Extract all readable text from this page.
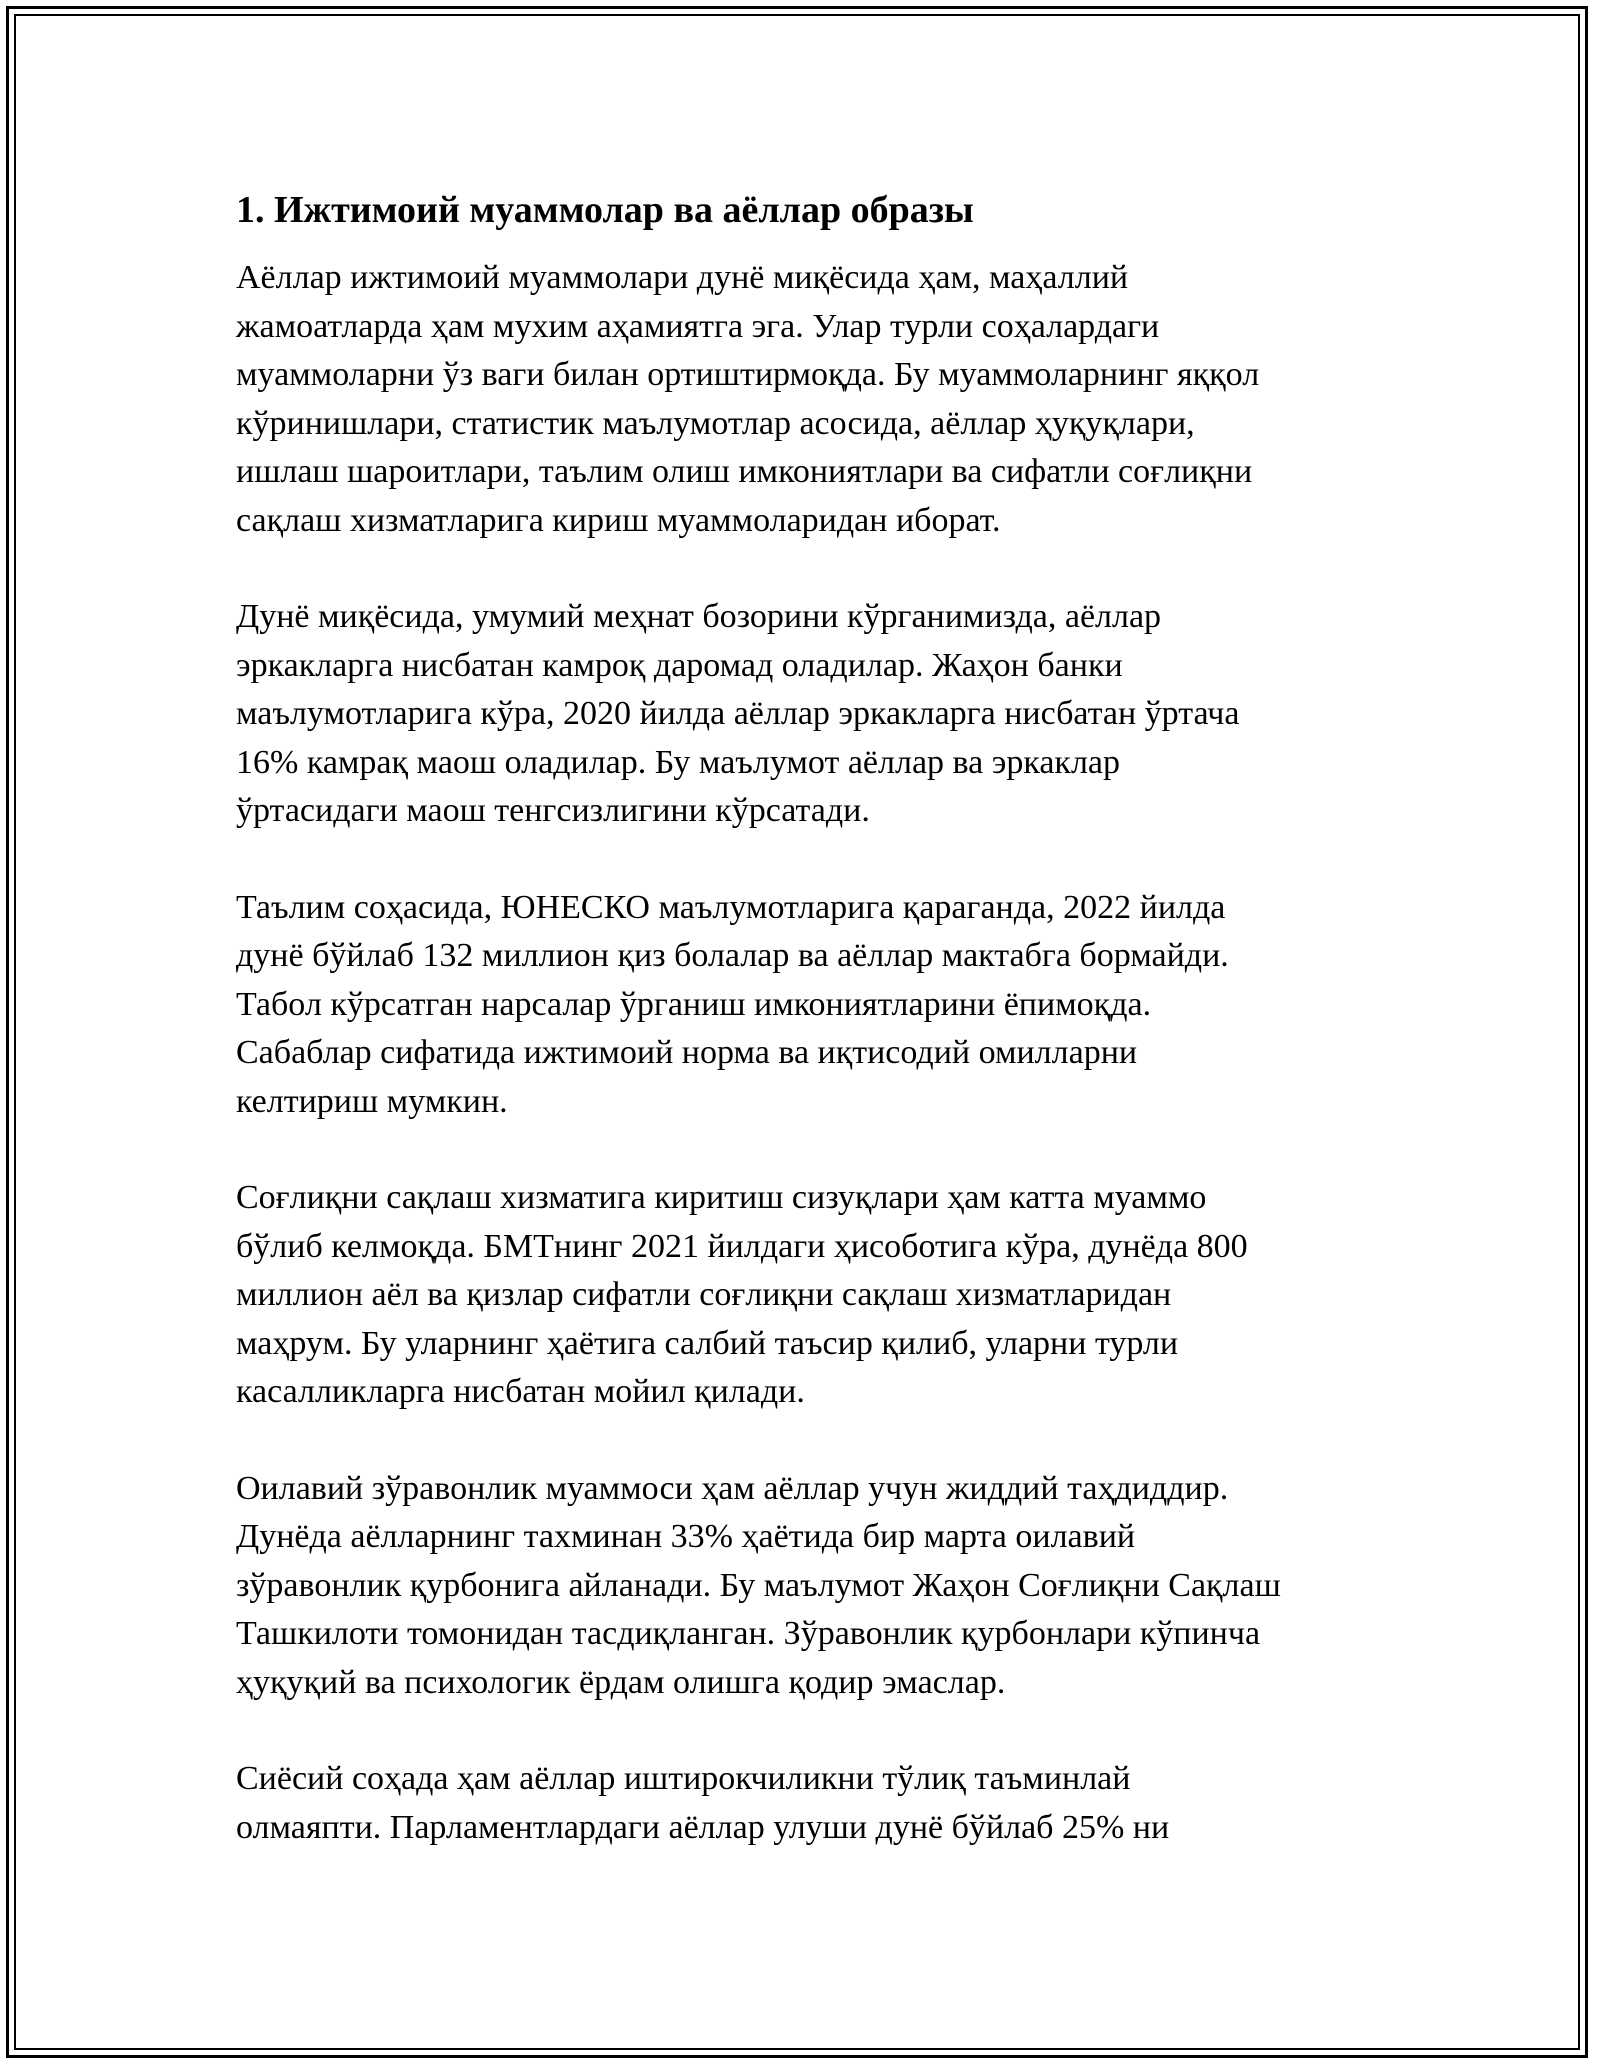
1. Ижтимоий муаммолар ва аёллар образы
Аёллар ижтимоий муаммолари дунё миқёсида ҳам, маҳаллий
жамоатларда ҳам мухим аҳамиятга эга. Улар турли соҳалардаги
муаммоларни ўз ваги билан ортиштирмоқда. Бу муаммоларнинг яққол
кўринишлари, статистик маълумотлар асосида, аёллар ҳуқуқлари,
ишлаш шароитлари, таълим олиш имкониятлари ва сифатли соғлиқни
сақлаш хизматларига кириш муаммоларидан иборат.
Дунё миқёсида, умумий меҳнат бозорини кўрганимизда, аёллар
эркакларга нисбатан камроқ даромад оладилар. Жаҳон банки
маълумотларига кўра, 2020 йилда аёллар эркакларга нисбатан ўртача
16% камрақ маош оладилар. Бу маълумот аёллар ва эркаклар
ўртасидаги маош тенгсизлигини кўрсатади.
Таълим соҳасида, ЮНЕСКО маълумотларига қараганда, 2022 йилда
дунё бўйлаб 132 миллион қиз болалар ва аёллар мактабга бормайди.
Табол кўрсатган нарсалар ўрганиш имкониятларини ёпимоқда.
Сабаблар сифатида ижтимоий норма ва иқтисодий омилларни
келтириш мумкин.
Соғлиқни сақлаш хизматига киритиш сизуқлари ҳам катта муаммо
бўлиб келмоқда. БМТнинг 2021 йилдаги ҳисоботига кўра, дунёда 800
миллион аёл ва қизлар сифатли соғлиқни сақлаш хизматларидан
маҳрум. Бу уларнинг ҳаётига салбий таъсир қилиб, уларни турли
касалликларга нисбатан мойил қилади.
Оилавий зўравонлик муаммоси ҳам аёллар учун жиддий таҳдиддир.
Дунёда аёлларнинг тахминан 33% ҳаётида бир марта оилавий
зўравонлик қурбонига айланади. Бу маълумот Жаҳон Соғлиқни Сақлаш
Ташкилоти томонидан тасдиқланган. Зўравонлик қурбонлари кўпинча
ҳуқуқий ва психологик ёрдам олишга қодир эмаслар.
Сиёсий соҳада ҳам аёллар иштирокчиликни тўлиқ таъминлай
олмаяпти. Парламентлардаги аёллар улуши дунё бўйлаб 25% ни
